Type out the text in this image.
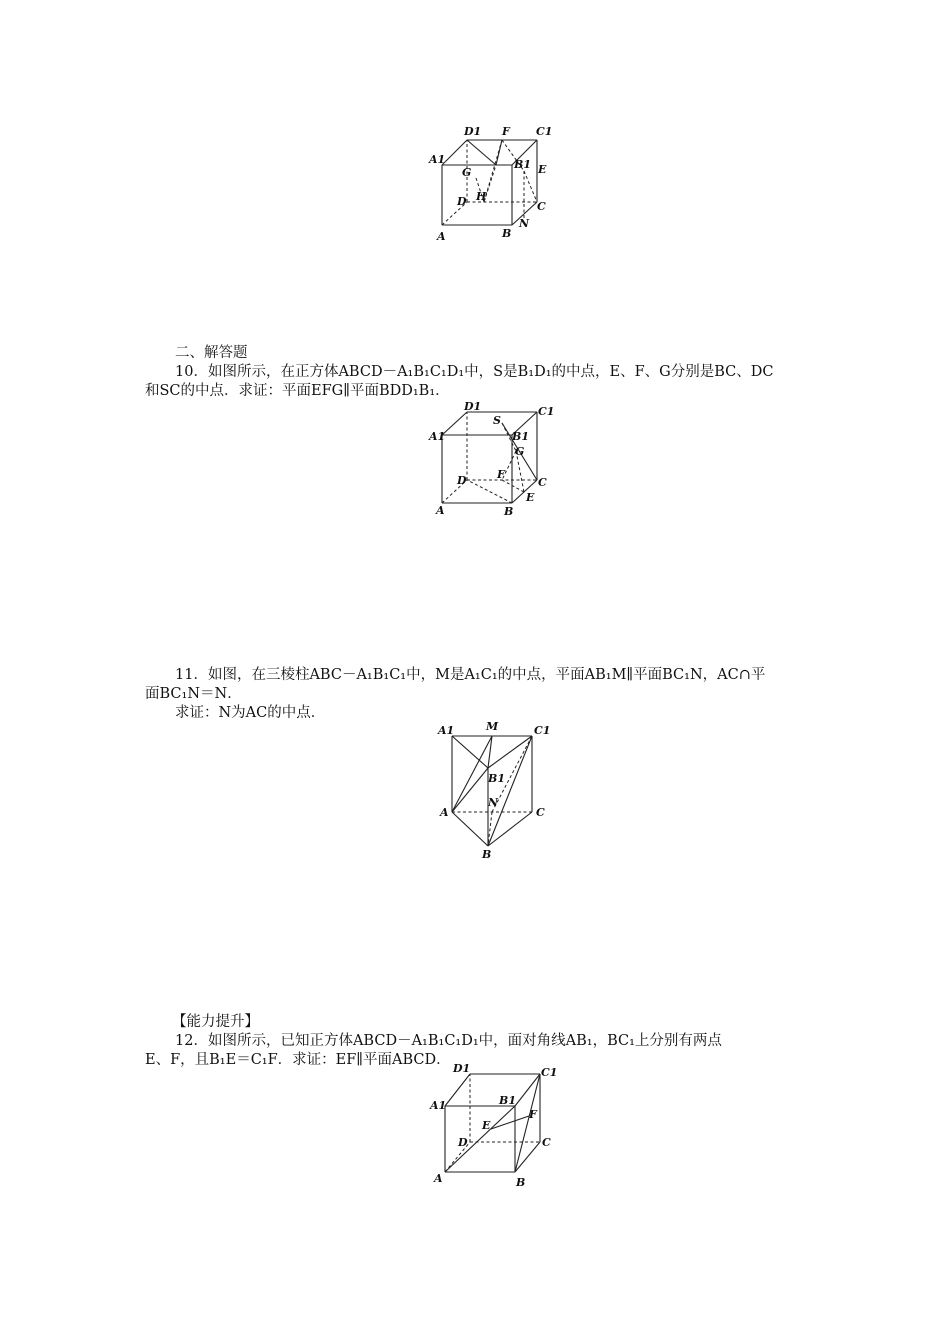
D1 F C1
A1
G
B1 E
H
D	C
N
A	B

二、解答题

10．如图所示，在正方体ABCD－A₁B₁C₁D₁中，S是B₁D₁的中点，E、F、G分别是BC、DC

和SC的中点．求证：平面EFG∥平面BDD₁B₁．

D1	C1
S
A1	B1
G
D	F
C
E
A	B

11．如图，在三棱柱ABC－A₁B₁C₁中，M是A₁C₁的中点，平面AB₁M∥平面BC₁N，AC∩平

面BC₁N＝N．

求证：N为AC的中点．

A1	M	C1
B1
A
N
C
B

【能力提升】

12．如图所示，已知正方体ABCD－A₁B₁C₁D₁中，面对角线AB₁，BC₁上分别有两点

E、F，且B₁E＝C₁F．求证：EF∥平面ABCD．

D1	C1
A1	B1
F
E
D	C
A	B
